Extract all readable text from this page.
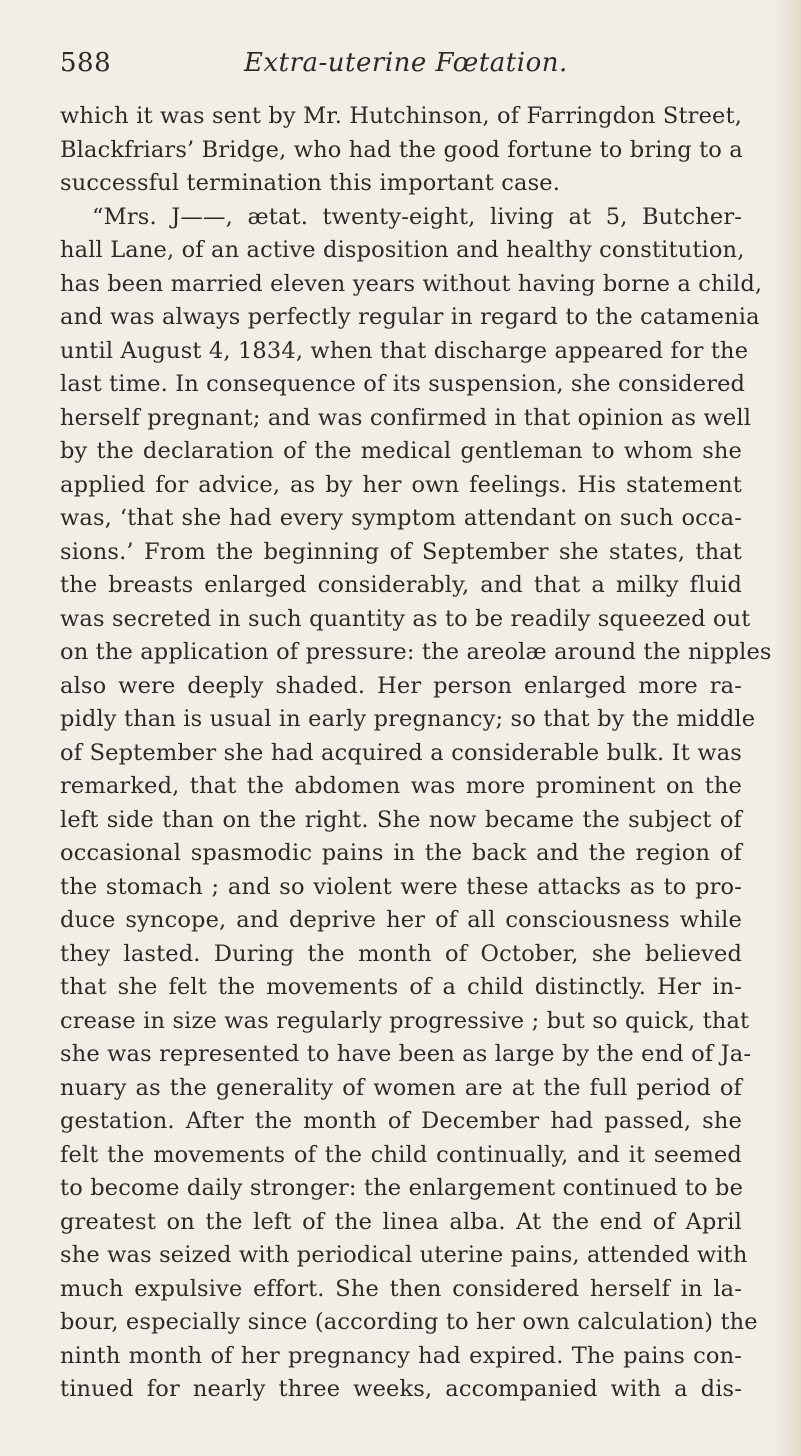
588	Extra-uterine Fœtation.
which it was sent by Mr. Hutchinson, of Farringdon Street,
Blackfriars’ Bridge, who had the good fortune to bring to a
successful termination this important case.
“Mrs. J——, ætat. twenty-eight, living at 5, Butcher-
hall Lane, of an active disposition and healthy constitution,
has been married eleven years without having borne a child,
and was always perfectly regular in regard to the catamenia
until August 4, 1834, when that discharge appeared for the
last time. In consequence of its suspension, she considered
herself pregnant; and was confirmed in that opinion as well
by the declaration of the medical gentleman to whom she
applied for advice, as by her own feelings. His statement
was, ‘that she had every symptom attendant on such occa-
sions.’ From the beginning of September she states, that
the breasts enlarged considerably, and that a milky fluid
was secreted in such quantity as to be readily squeezed out
on the application of pressure: the areolæ around the nipples
also were deeply shaded. Her person enlarged more ra-
pidly than is usual in early pregnancy; so that by the middle
of September she had acquired a considerable bulk. It was
remarked, that the abdomen was more prominent on the
left side than on the right. She now became the subject of
occasional spasmodic pains in the back and the region of
the stomach ; and so violent were these attacks as to pro-
duce syncope, and deprive her of all consciousness while
they lasted. During the month of October, she believed
that she felt the movements of a child distinctly. Her in-
crease in size was regularly progressive ; but so quick, that
she was represented to have been as large by the end of Ja-
nuary as the generality of women are at the full period of
gestation. After the month of December had passed, she
felt the movements of the child continually, and it seemed
to become daily stronger: the enlargement continued to be
greatest on the left of the linea alba. At the end of April
she was seized with periodical uterine pains, attended with
much expulsive effort. She then considered herself in la-
bour, especially since (according to her own calculation) the
ninth month of her pregnancy had expired. The pains con-
tinued for nearly three weeks, accompanied with a dis-
